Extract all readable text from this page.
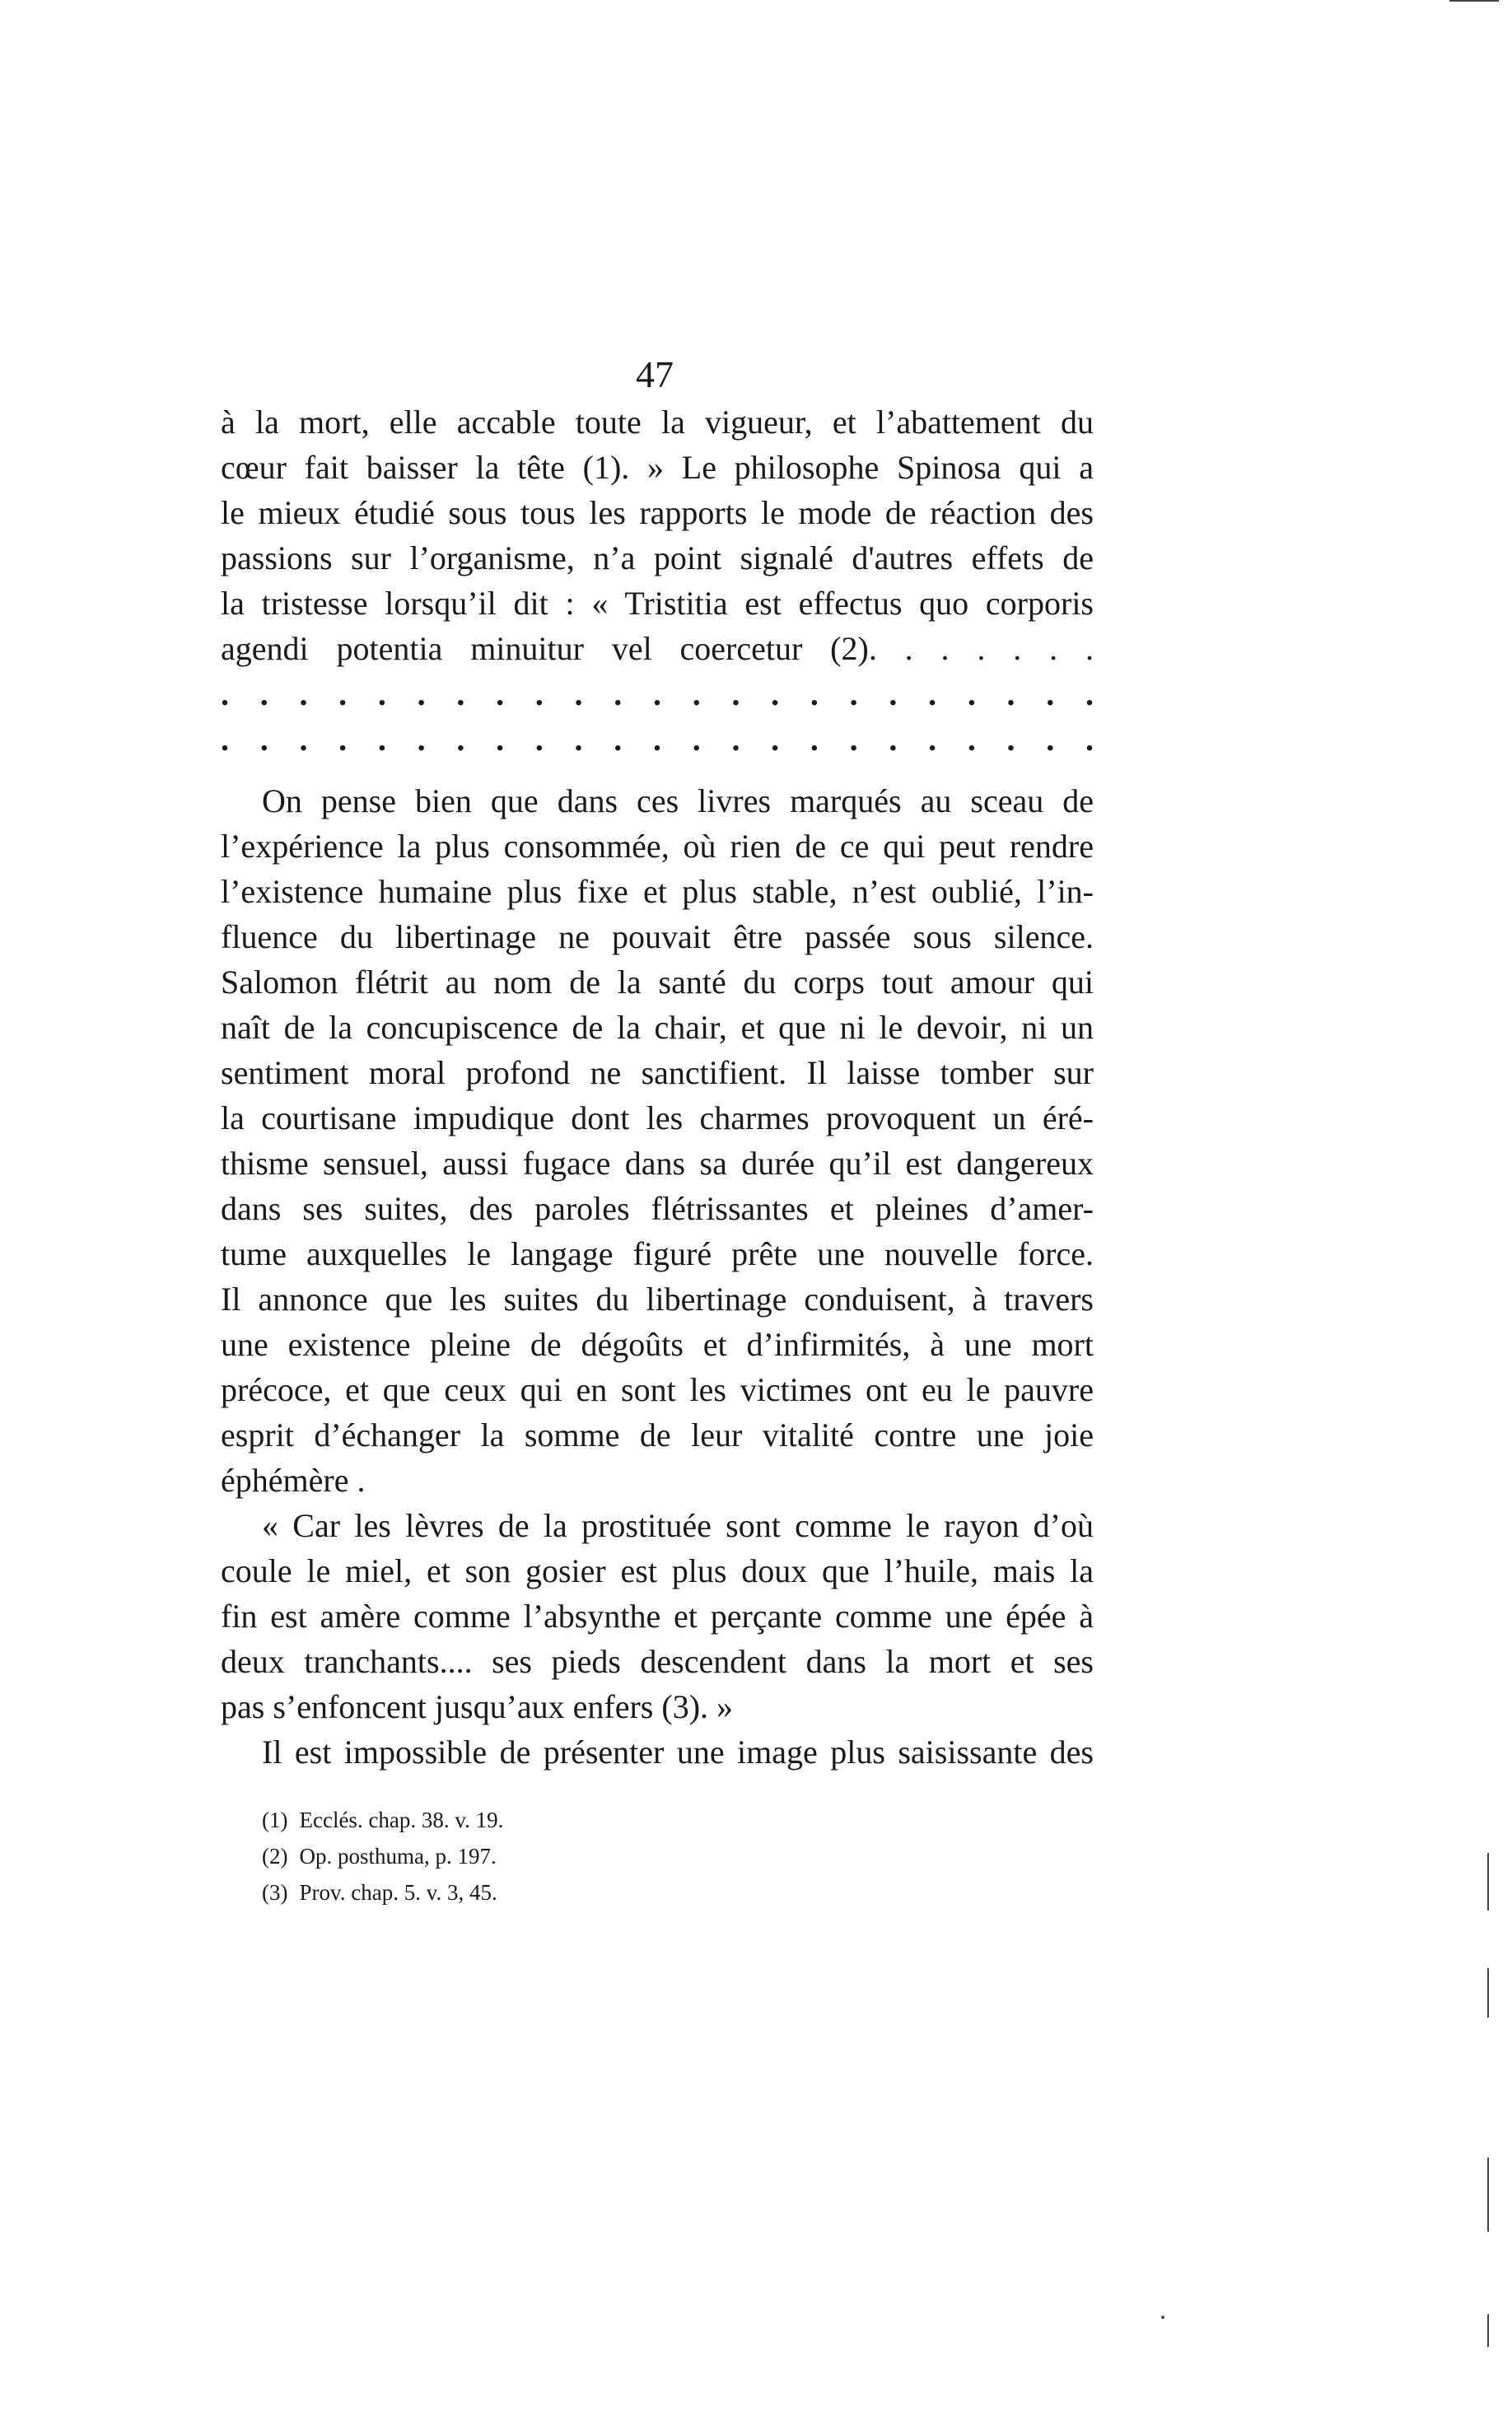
47
à la mort, elle accable toute la vigueur, et l’abattement du
cœur fait baisser la tête (1). » Le philosophe Spinosa qui a
le mieux étudié sous tous les rapports le mode de réaction des
passions sur l’organisme, n’a point signalé d'autres effets de
la tristesse lorsqu’il dit : « Tristitia est effectus quo corporis
agendi potentia minuitur vel coercetur (2). . . . . . .
. . . . . . . . . . . . . . . . . . . . . . .
. . . . . . . . . . . . . . . . . . . . . . .
On pense bien que dans ces livres marqués au sceau de
l’expérience la plus consommée, où rien de ce qui peut rendre
l’existence humaine plus fixe et plus stable, n’est oublié, l’in-
fluence du libertinage ne pouvait être passée sous silence.
Salomon flétrit au nom de la santé du corps tout amour qui
naît de la concupiscence de la chair, et que ni le devoir, ni un
sentiment moral profond ne sanctifient. Il laisse tomber sur
la courtisane impudique dont les charmes provoquent un éré-
thisme sensuel, aussi fugace dans sa durée qu’il est dangereux
dans ses suites, des paroles flétrissantes et pleines d’amer-
tume auxquelles le langage figuré prête une nouvelle force.
Il annonce que les suites du libertinage conduisent, à travers
une existence pleine de dégoûts et d’infirmités, à une mort
précoce, et que ceux qui en sont les victimes ont eu le pauvre
esprit d’échanger la somme de leur vitalité contre une joie
éphémère .
« Car les lèvres de la prostituée sont comme le rayon d’où
coule le miel, et son gosier est plus doux que l’huile, mais la
fin est amère comme l’absynthe et perçante comme une épée à
deux tranchants.... ses pieds descendent dans la mort et ses
pas s’enfoncent jusqu’aux enfers (3). »
Il est impossible de présenter une image plus saisissante des
(1) Ecclés. chap. 38. v. 19.
(2) Op. posthuma, p. 197.
(3) Prov. chap. 5. v. 3, 45.
